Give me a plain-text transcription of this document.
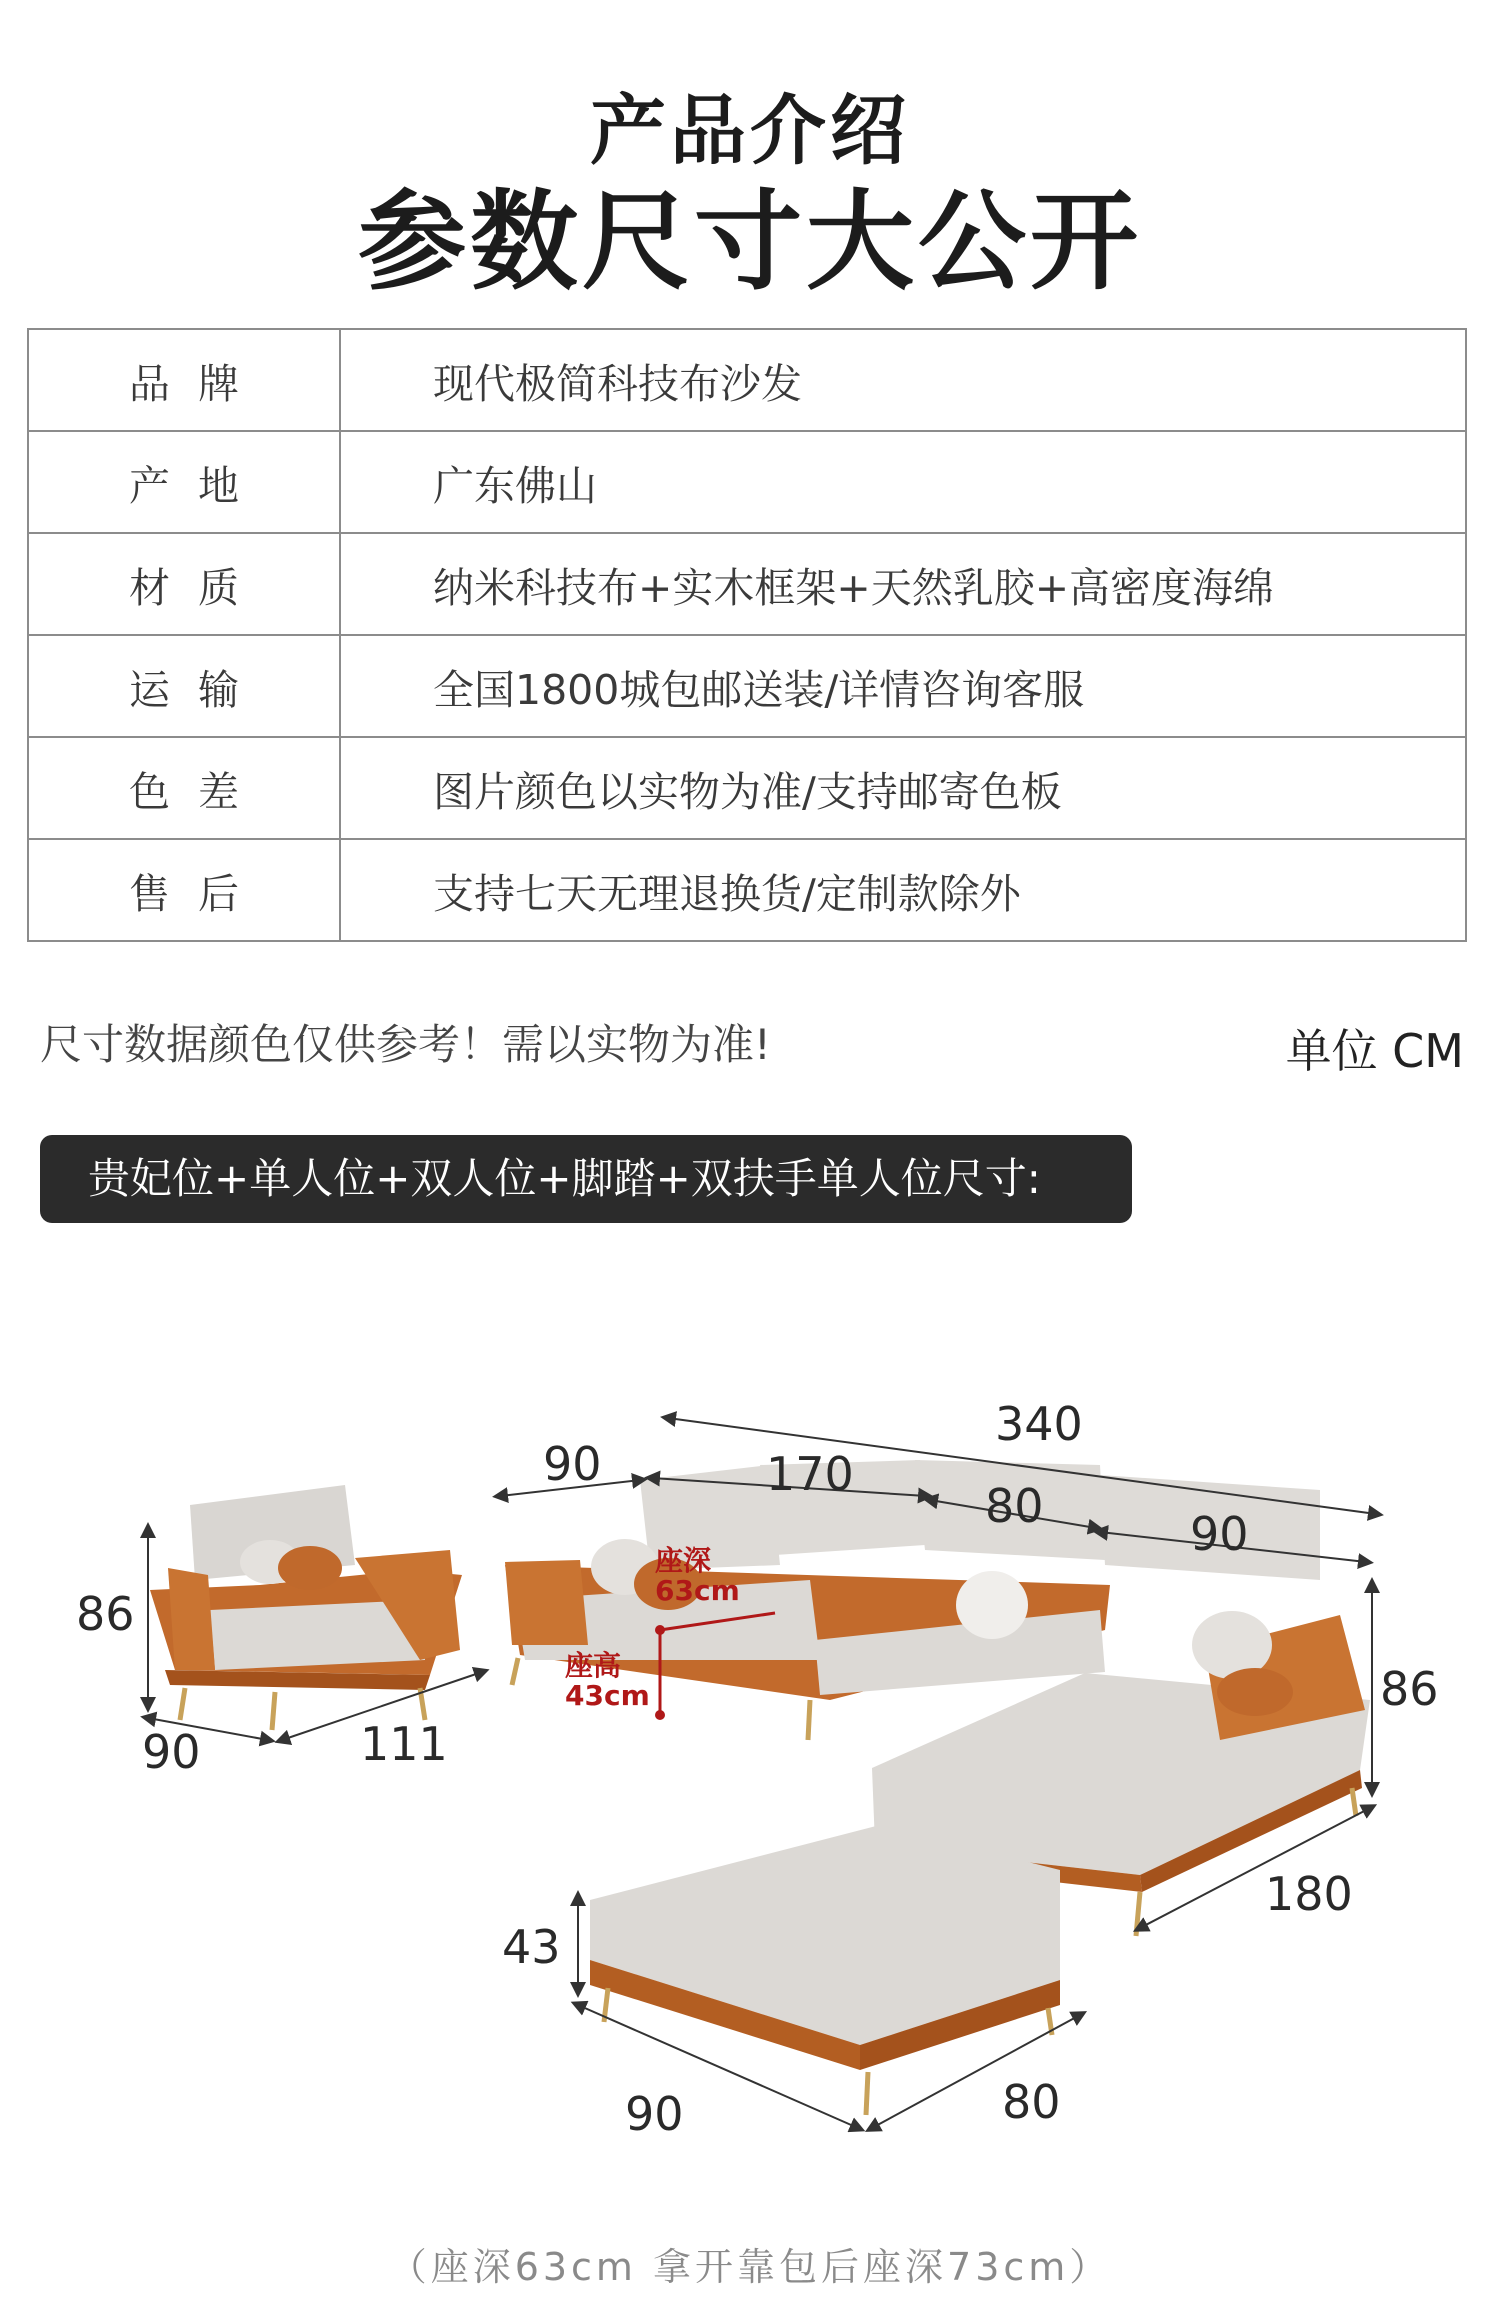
产品介绍
参数尺寸大公开
品牌	现代极简科技布沙发
产地	广东佛山
材质	纳米科技布+实木框架+天然乳胶+高密度海绵
运输	全国1800城包邮送装/详情咨询客服
色差	图片颜色以实物为准/支持邮寄色板
售后	支持七天无理退换货/定制款除外
尺寸数据颜色仅供参考！需以实物为准!	单位 CM
贵妃位+单人位+双人位+脚踏+双扶手单人位尺寸:
86
90	111
340
90	170
80
90
86
180
座深
63cm
座高
43cm
43
90	80
（座深63cm 拿开靠包后座深73cm）
